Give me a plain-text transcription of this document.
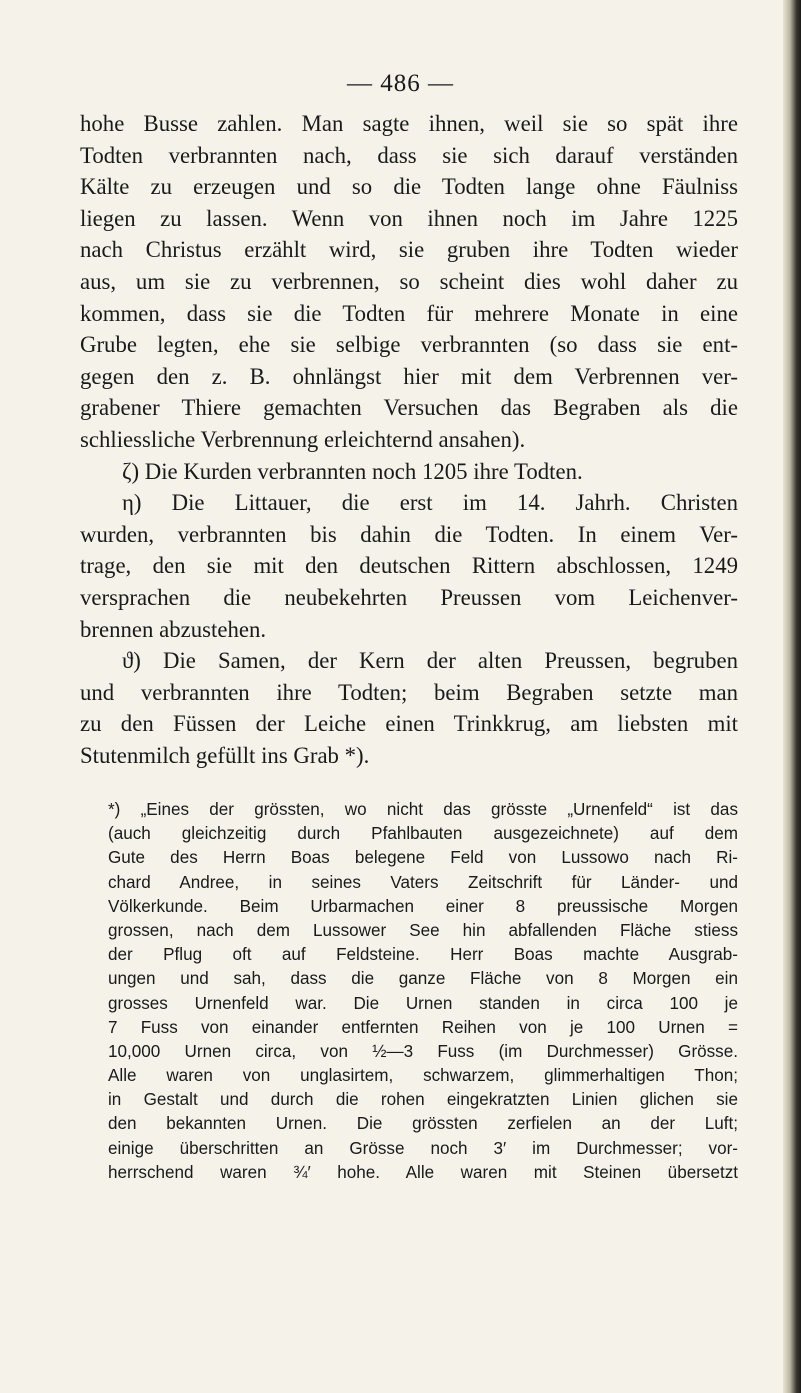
— 486 —
hohe Busse zahlen. Man sagte ihnen, weil sie so spät ihre
Todten verbrannten nach, dass sie sich darauf verständen
Kälte zu erzeugen und so die Todten lange ohne Fäulniss
liegen zu lassen. Wenn von ihnen noch im Jahre 1225
nach Christus erzählt wird, sie gruben ihre Todten wieder
aus, um sie zu verbrennen, so scheint dies wohl daher zu
kommen, dass sie die Todten für mehrere Monate in eine
Grube legten, ehe sie selbige verbrannten (so dass sie ent-
gegen den z. B. ohnlängst hier mit dem Verbrennen ver-
grabener Thiere gemachten Versuchen das Begraben als die
schliessliche Verbrennung erleichternd ansahen).
ζ) Die Kurden verbrannten noch 1205 ihre Todten.
η) Die Littauer, die erst im 14. Jahrh. Christen
wurden, verbrannten bis dahin die Todten. In einem Ver-
trage, den sie mit den deutschen Rittern abschlossen, 1249
versprachen die neubekehrten Preussen vom Leichenver-
brennen abzustehen.
ϑ) Die Samen, der Kern der alten Preussen, begruben
und verbrannten ihre Todten; beim Begraben setzte man
zu den Füssen der Leiche einen Trinkkrug, am liebsten mit
Stutenmilch gefüllt ins Grab *).
*) „Eines der grössten, wo nicht das grösste „Urnenfeld“ ist das
(auch gleichzeitig durch Pfahlbauten ausgezeichnete) auf dem
Gute des Herrn Boas belegene Feld von Lussowo nach Ri-
chard Andree, in seines Vaters Zeitschrift für Länder- und
Völkerkunde. Beim Urbarmachen einer 8 preussische Morgen
grossen, nach dem Lussower See hin abfallenden Fläche stiess
der Pflug oft auf Feldsteine. Herr Boas machte Ausgrab-
ungen und sah, dass die ganze Fläche von 8 Morgen ein
grosses Urnenfeld war. Die Urnen standen in circa 100 je
7 Fuss von einander entfernten Reihen von je 100 Urnen =
10,000 Urnen circa, von ½—3 Fuss (im Durchmesser) Grösse.
Alle waren von unglasirtem, schwarzem, glimmerhaltigen Thon;
in Gestalt und durch die rohen eingekratzten Linien glichen sie
den bekannten Urnen. Die grössten zerfielen an der Luft;
einige überschritten an Grösse noch 3′ im Durchmesser; vor-
herrschend waren ¾′ hohe. Alle waren mit Steinen übersetzt
